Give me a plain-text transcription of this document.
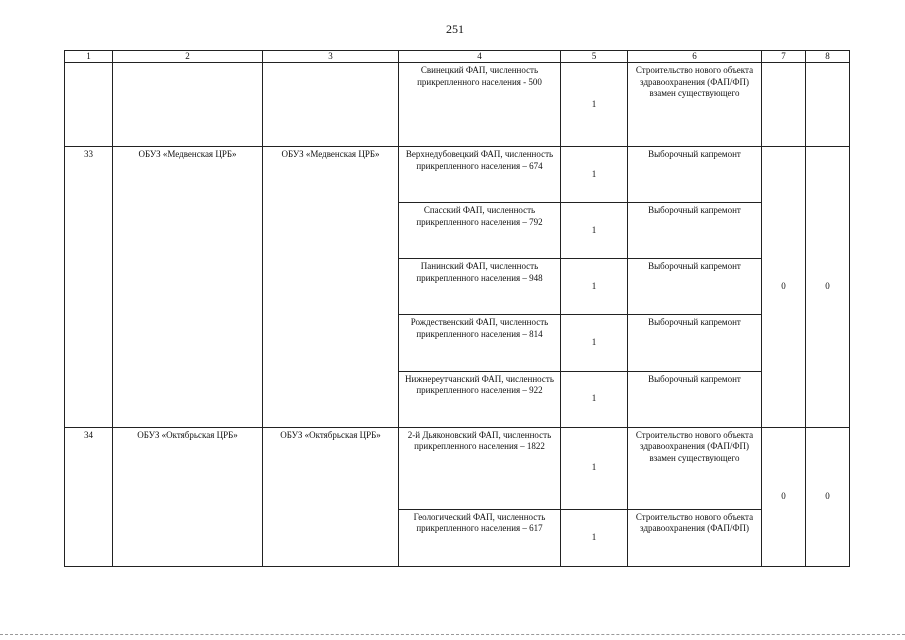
251
1	2	3	4	5	6	7	8
			Свинецкий ФАП, численность прикрепленного населения - 500	1	Строительство нового объекта здравоохранения (ФАП/ФП) взамен существующего		
33	ОБУЗ «Медвенская ЦРБ»	ОБУЗ «Медвенская ЦРБ»	Верхнедубовецкий ФАП, численность прикрепленного населения – 674	1	Выборочный капремонт	0	0
			Спасский ФАП, численность прикрепленного населения – 792	1	Выборочный капремонт		
			Панинский ФАП, численность прикрепленного населения – 948	1	Выборочный капремонт		
			Рождественский ФАП, численность прикрепленного населения – 814	1	Выборочный капремонт		
			Нижнереутчанский ФАП, численность прикрепленного населения – 922	1	Выборочный капремонт		
34	ОБУЗ «Октябрьская ЦРБ»	ОБУЗ «Октябрьская ЦРБ»	2-й Дьяконовский ФАП, численность прикрепленного населения – 1822	1	Строительство нового объекта здравоохранения (ФАП/ФП) взамен существующего	0	0
			Геологический ФАП, численность прикрепленного населения – 617	1	Строительство нового объекта здравоохранения (ФАП/ФП)		
